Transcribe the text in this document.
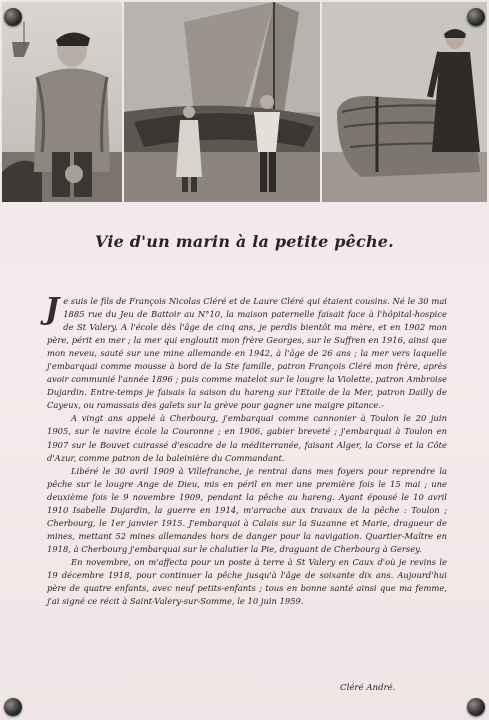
Vie d'un marin à la petite pêche.

Je suis le fils de François Nicolas Cléré et de Laure Cléré qui étaient cousins. Né le 30 mai 1885 rue du Jeu de Battoir au N°10, la maison paternelle faisait face à l'hôpital-hospice de St Valery. A l'école dès l'âge de cinq ans, je perdis bientôt ma mère, et en 1902 mon père, périt en mer ; la mer qui engloutit mon frère Georges, sur le Suffren en 1916, ainsi que mon neveu, sauté sur une mine allemande en 1942, à l'âge de 26 ans ; la mer vers laquelle j'embarquai comme mousse à bord de la Ste famille, patron François Cléré mon frère, après avoir communié l'année 1896 ; puis comme matelot sur le lougre la Violette, patron Ambroise Dujardin. Entre-temps je faisais la saison du hareng sur l'Etoile de la Mer, patron Dailly de Cayeux, ou ramassais des galets sur la grève pour gagner une maigre pitance.-

A vingt ans appelé à Cherbourg, j'embarquai comme cannonier à Toulon le 20 juin 1905, sur le navire école la Couronne ; en 1906, gabier breveté ; j'embarquai à Toulon en 1907 sur le Bouvet cuirassé d'escadre de la méditerranée, faisant Alger, la Corse et la Côte d'Azur, comme patron de la baleinière du Commandant.

Libéré le 30 avril 1909 à Villefranche, je rentrai dans mes foyers pour reprendre la pêche sur le lougre Ange de Dieu, mis en péril en mer une première fois le 15 mai ; une deuxième fois le 9 novembre 1909, pendant la pêche au hareng. Ayant épousé le 10 avril 1910 Isabelle Dujardin, la guerre en 1914, m'arrache aux travaux de la pêche : Toulon ; Cherbourg, le 1er janvier 1915. J'embarquai à Calais sur la Suzanne et Marie, dragueur de mines, mettant 52 mines allemandes hors de danger pour la navigation. Quartier-Maître en 1918, à Cherbourg j'embarquai sur le chalutier la Pie, draguant de Cherbourg à Gersey.

En novembre, on m'affecta pour un poste à terre à St Valery en Caux d'où je revins le 19 décembre 1918, pour continuer la pêche jusqu'à l'âge de soixante dix ans. Aujourd'hui père de quatre enfants, avec neuf petits-enfants ; tous en bonne santé ainsi que ma femme, j'ai signé ce récit à Saint-Valery-sur-Somme, le 10 juin 1959.

Cléré André.
